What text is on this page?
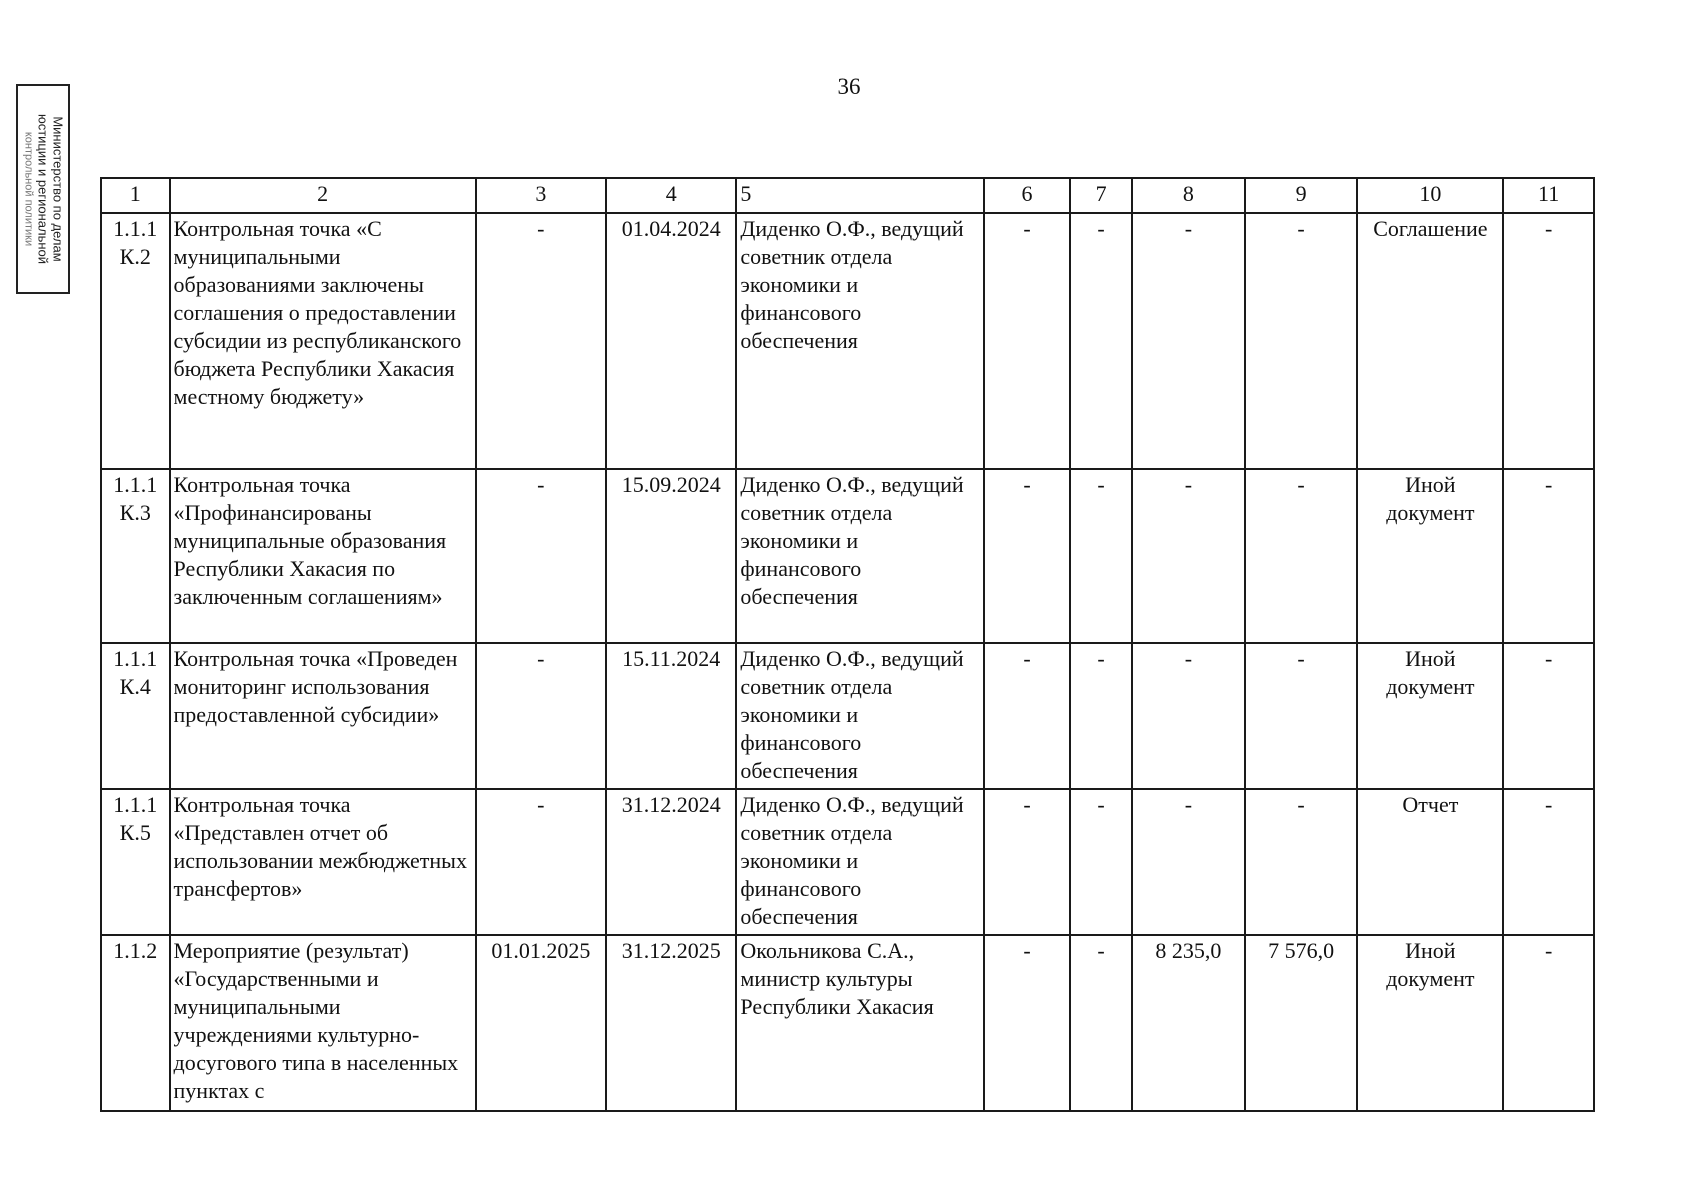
36
Министерство по делам
юстиции и региональной
контрольной политики	1	2	3	4	5	6	7	8	9	10	11

1.1.1
К.2	Контрольная точка «С муниципальными образованиями заключены соглашения о предоставлении субсидии из республиканского бюджета Республики Хакасия местному бюджету»	-	01.04.2024	Диденко О.Ф., ведущий советник отдела экономики и финансового обеспечения	-	-	-	-	Соглашение	-

1.1.1
К.3	Контрольная точка «Профинансированы муниципальные образования Республики Хакасия по заключенным соглашениям»	-	15.09.2024	Диденко О.Ф., ведущий советник отдела экономики и финансового обеспечения	-	-	-	-	Иной документ	-

1.1.1
К.4	Контрольная точка «Проведен мониторинг использования предоставленной субсидии»	-	15.11.2024	Диденко О.Ф., ведущий советник отдела экономики и финансового обеспечения	-	-	-	-	Иной документ	-

1.1.1
К.5	Контрольная точка «Представлен отчет об использовании межбюджетных трансфертов»	-	31.12.2024	Диденко О.Ф., ведущий советник отдела экономики и финансового обеспечения	-	-	-	-	Отчет	-

1.1.2	Мероприятие (результат) «Государственными и муниципальными учреждениями культурно-досугового типа в населенных пунктах с	01.01.2025	31.12.2025	Окольникова С.А., министр культуры Республики Хакасия	-	-	8 235,0	7 576,0	Иной документ	-
